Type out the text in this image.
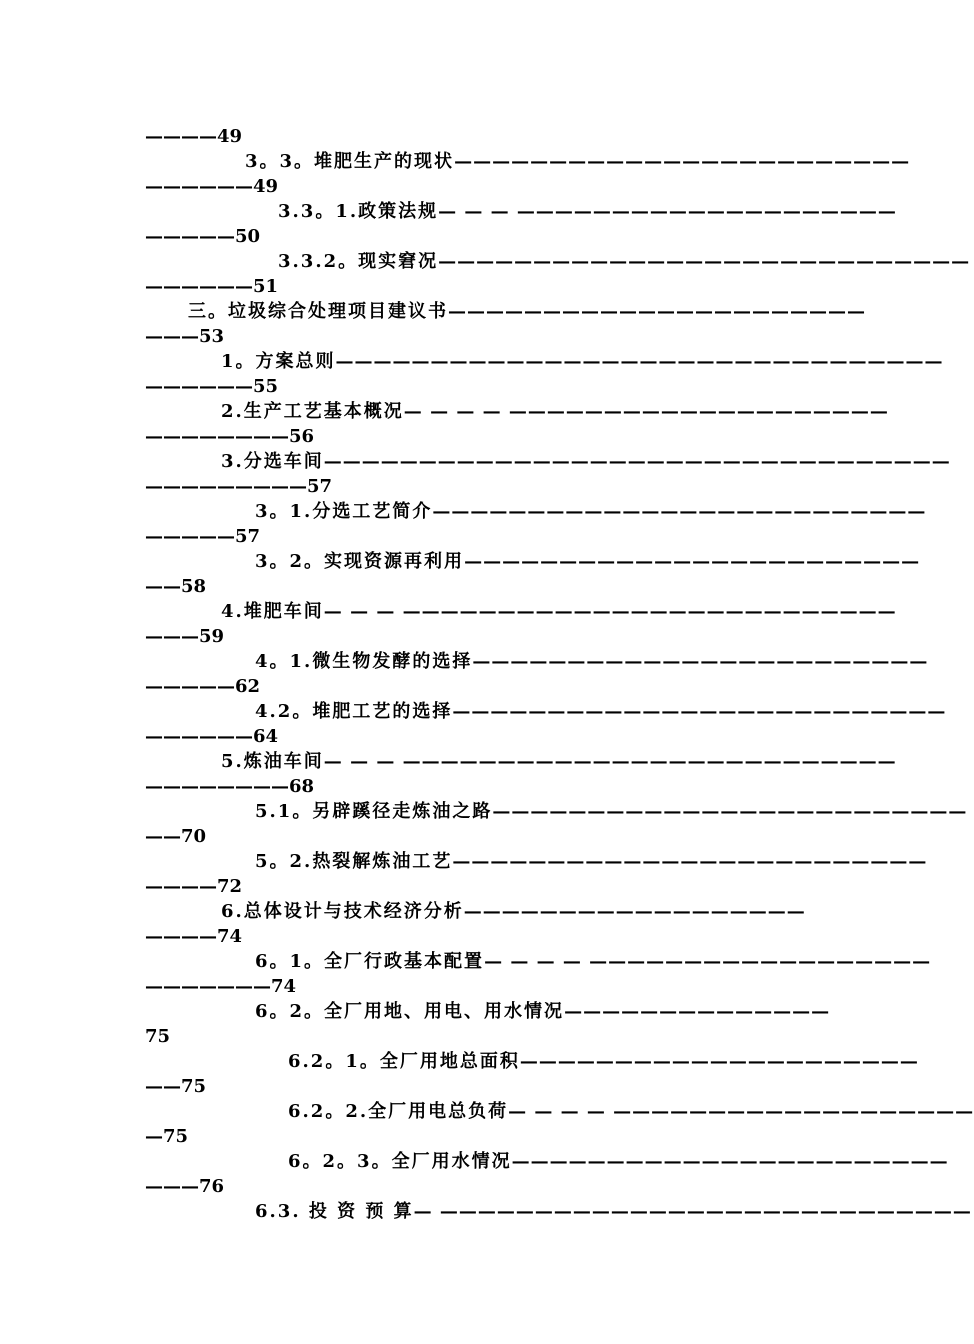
————49
3。3。堆肥生产的现状 ————————————————————————
——————49
3.3。1.政策法规 — — — ————————————————————
—————50
3.3.2。现实窘况 ————————————————————————————
——————51
三。垃圾综合处理项目建议书 ——————————————————————
———53
1。方案总则 ————————————————————————————————
——————55
2.生产工艺基本概况 — — — — ————————————————————
————————56
3.分选车间 —————————————————————————————————
—————————57
3。1.分选工艺简介 ——————————————————————————
—————57
3。2。实现资源再利用 ————————————————————————
——58
4.堆肥车间 — — — ——————————————————————————
———59
4。1.微生物发酵的选择 ————————————————————————
—————62
4.2。堆肥工艺的选择 ——————————————————————————
——————64
5.炼油车间 — — — ——————————————————————————
————————68
5.1。另辟蹊径走炼油之路 —————————————————————————
——70
5。2.热裂解炼油工艺 —————————————————————————
————72
6.总体设计与技术经济分析 ——————————————————
————74
6。1。全厂行政基本配置 — — — — ——————————————————
———————74
6。2。全厂用地、用电、用水情况 ——————————————
75
6.2。1。全厂用地总面积 —————————————————————
——75
6.2。2.全厂用电总负荷 — — — — ———————————————————
—75
6。2。3。全厂用水情况 ———————————————————————
———76
6.3. 投 资 预 算 — ————————————————————————————
